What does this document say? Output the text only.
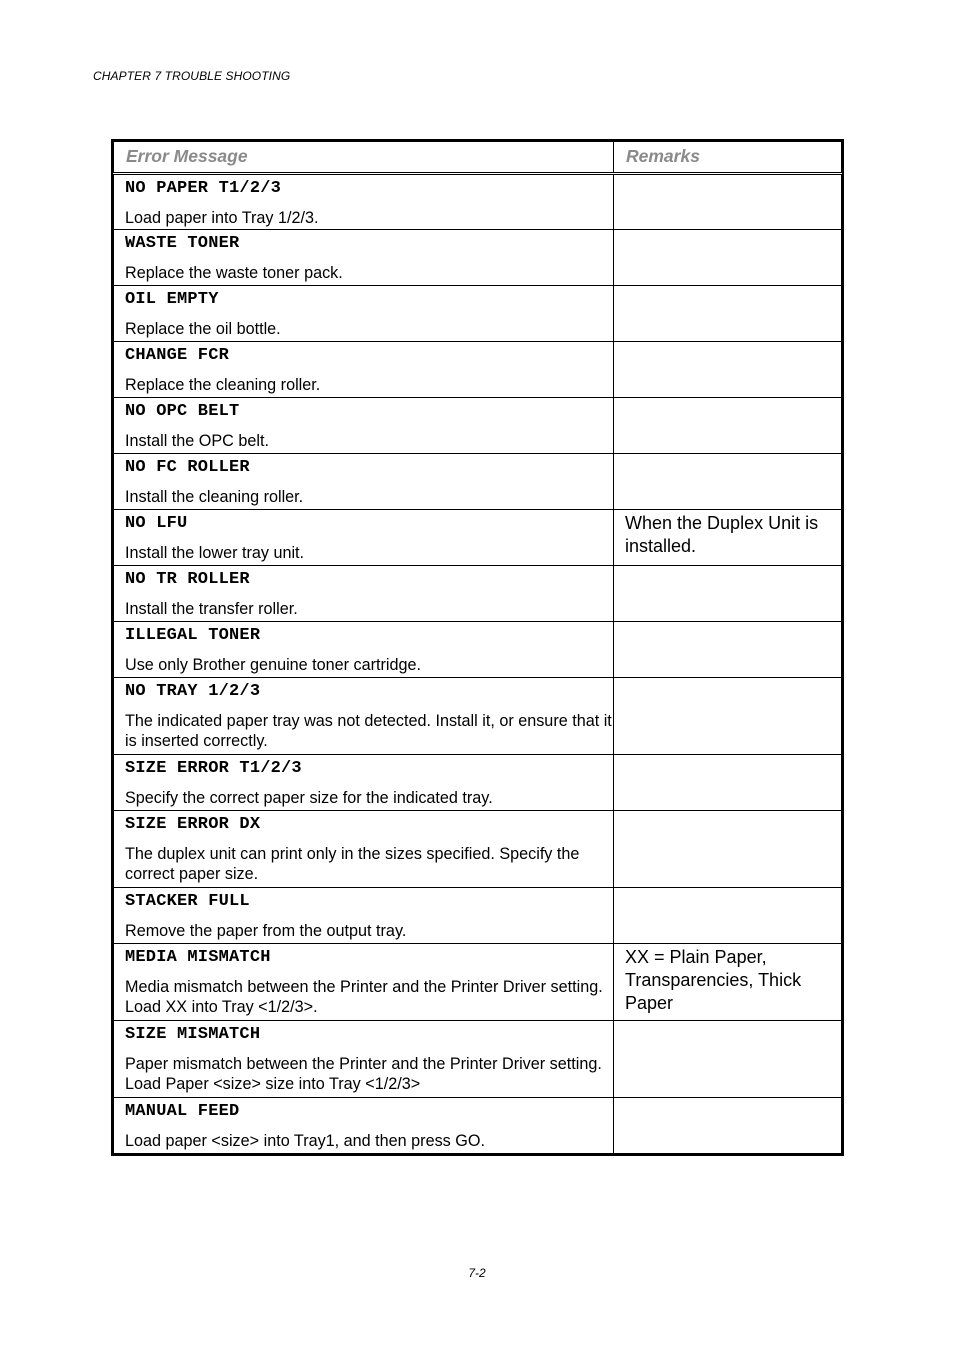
CHAPTER 7 TROUBLE SHOOTING
Error Message	Remarks

NO PAPER T1/2/3
Load paper into Tray 1/2/3.	

WASTE TONER
Replace the waste toner pack.	

OIL EMPTY
Replace the oil bottle.	

CHANGE FCR
Replace the cleaning roller.	

NO OPC BELT
Install the OPC belt.	

NO FC ROLLER
Install the cleaning roller.	

NO LFU
Install the lower tray unit.	When the Duplex Unit is installed.

NO TR ROLLER
Install the transfer roller.	

ILLEGAL TONER
Use only Brother genuine toner cartridge.	

NO TRAY 1/2/3
The indicated paper tray was not detected. Install it, or ensure that it is inserted correctly.	

SIZE ERROR T1/2/3
Specify the correct paper size for the indicated tray.	

SIZE ERROR DX
The duplex unit can print only in the sizes specified. Specify the correct paper size.	

STACKER FULL
Remove the paper from the output tray.	

MEDIA MISMATCH
Media mismatch between the Printer and the Printer Driver setting. Load XX into Tray <1/2/3>.	XX = Plain Paper, Transparencies, Thick Paper

SIZE MISMATCH
Paper mismatch between the Printer and the Printer Driver setting. Load Paper <size> size into Tray <1/2/3>	

MANUAL FEED
Load paper <size> into Tray1, and then press GO.	

7-2
